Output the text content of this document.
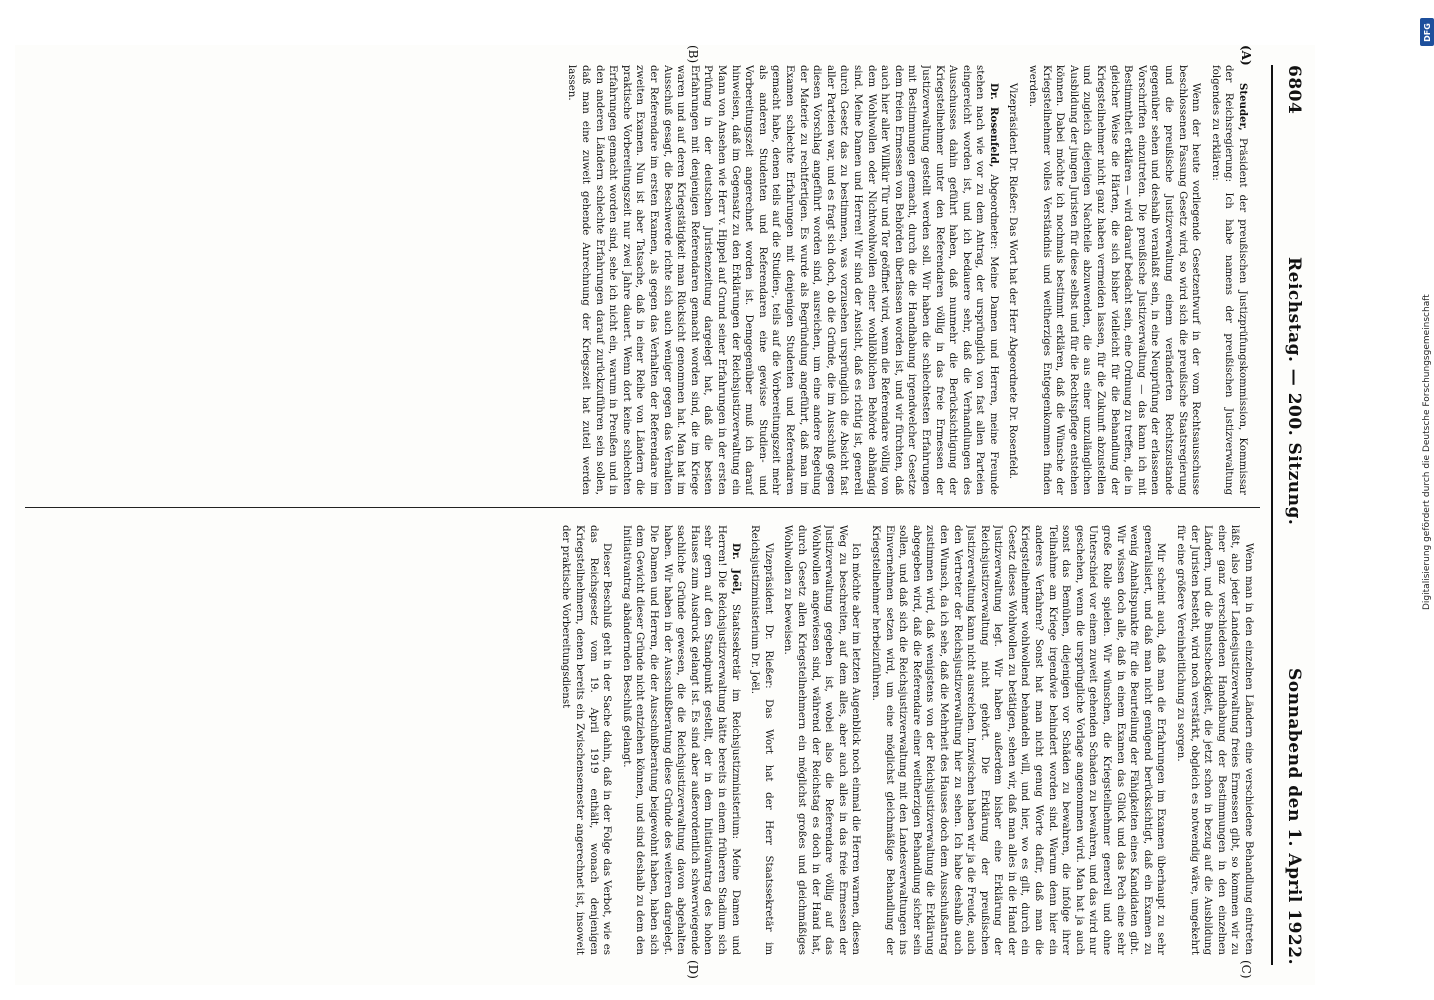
6804
Reichstag. — 200. Sitzung.
Sonnabend den 1. April 1922.
(A)
(B)
(C)
(D)

Steuder, Präsident der preußischen Justizprüfungskommission, Kommissar der Reichsregierung: Ich habe namens der preußischen Justizverwaltung folgendes zu erklären:

Wenn der heute vorliegende Gesetzentwurf in der vom Rechtsausschusse beschlossenen Fassung Gesetz wird, so wird sich die preußische Staatsregierung und die preußische Justizverwaltung einem veränderten Rechtszustande gegenüber sehen und deshalb veranlaßt sein, in eine Neuprüfung der erlassenen Vorschriften einzutreten. Die preußische Justizverwaltung — das kann ich mit Bestimmtheit erklären — wird darauf bedacht sein, eine Ordnung zu treffen, die in gleicher Weise die Härten, die sich bisher vielleicht für die Behandlung der Kriegsteilnehmer nicht ganz haben vermeiden lassen, für die Zukunft abzustellen und zugleich diejenigen Nachteile abzuwenden, die aus einer unzulänglichen Ausbildung der jungen Juristen für diese selbst und für die Rechtspflege entstehen können. Dabei möchte ich nochmals bestimmt erklären, daß die Wünsche der Kriegsteilnehmer volles Verständnis und weitherziges Entgegenkommen finden werden.

Vizepräsident Dr. Rießer: Das Wort hat der Herr Abgeordnete Dr. Rosenfeld.

Dr. Rosenfeld, Abgeordneter: Meine Damen und Herren, meine Freunde stehen nach wie vor zu dem Antrag, der ursprünglich von fast allen Parteien eingereicht worden ist, und ich bedauere sehr, daß die Verhandlungen des Ausschusses dahin geführt haben, daß nunmehr die Berücksichtigung der Kriegsteilnehmer unter den Referendaren völlig in das freie Ermessen der Justizverwaltung gestellt werden soll. Wir haben die schlechtesten Erfahrungen mit Bestimmungen gemacht, durch die die Handhabung irgendwelcher Gesetze dem freien Ermessen von Behörden überlassen worden ist, und wir fürchten, daß auch hier aller Willkür Tür und Tor geöffnet wird, wenn die Referendare völlig von dem Wohlwollen oder Nichtwohlwollen einer wohllöblichen Behörde abhängig sind. Meine Damen und Herren! Wir sind der Ansicht, daß es richtig ist, generell durch Gesetz das zu bestimmen, was vorzusehen ursprünglich die Absicht fast aller Parteien war, und es fragt sich doch, ob die Gründe, die im Ausschuß gegen diesen Vorschlag angeführt worden sind, ausreichen, um eine andere Regelung der Materie zu rechtfertigen. Es wurde als Begründung angeführt, daß man im Examen schlechte Erfahrungen mit denjenigen Studenten und Referendaren gemacht habe, denen teils auf die Studien-, teils auf die Vorbereitungszeit mehr als anderen Studenten und Referendaren eine gewisse Studien- und Vorbereitungszeit angerechnet worden ist. Demgegenüber muß ich darauf hinweisen, daß im Gegensatz zu den Erklärungen der Reichsjustizverwaltung ein Mann von Ansehen wie Herr v. Hippel auf Grund seiner Erfahrungen in der ersten Prüfung in der deutschen Juristenzeitung dargelegt hat, daß die besten Erfahrungen mit denjenigen Referendaren gemacht worden sind, die im Kriege waren und auf deren Kriegstätigkeit man Rücksicht genommen hat. Man hat im Ausschuß gesagt, die Beschwerde richte sich auch weniger gegen das Verhalten der Referendare im ersten Examen, als gegen das Verhalten der Referendare im zweiten Examen. Nun ist aber Tatsache, daß in einer Reihe von Ländern die praktische Vorbereitungszeit nur zwei Jahre dauert. Wenn dort keine schlechten Erfahrungen gemacht worden sind, sehe ich nicht ein, warum in Preußen und in den anderen Ländern schlechte Erfahrungen darauf zurückzuführen sein sollen, daß man eine zuweit gehende Anrechnung der Kriegszeit hat zuteil werden lassen.

Wenn man in den einzelnen Ländern eine verschiedene Behandlung eintreten läßt, also jeder Landesjustizverwaltung freies Ermessen gibt, so kommen wir zu einer ganz verschiedenen Handhabung der Bestimmungen in den einzelnen Ländern, und die Buntscheckigkeit, die jetzt schon in bezug auf die Ausbildung der Juristen besteht, wird noch verstärkt, obgleich es notwendig wäre, umgekehrt für eine größere Vereinheitlichung zu sorgen.

Mir scheint auch, daß man die Erfahrungen im Examen überhaupt zu sehr generalisiert, und daß man nicht genügend berücksichtigt, daß ein Examen zu wenig Anhaltspunkte für die Beurteilung der Fähigkeiten eines Kandidaten gibt. Wir wissen doch alle, daß in einem Examen das Glück und das Pech eine sehr große Rolle spielen. Wir wünschen, die Kriegsteilnehmer generell und ohne Unterschied vor einem zuweit gehenden Schaden zu bewahren, und das wird nur geschehen, wenn die ursprüngliche Vorlage angenommen wird. Man hat ja auch sonst das Bemühen, diejenigen vor Schäden zu bewahren, die infolge ihrer Teilnahme am Kriege irgendwie behindert worden sind. Warum denn hier ein anderes Verfahren? Sonst hat man nicht genug Worte dafür, daß man die Kriegsteilnehmer wohlwollend behandeln will, und hier, wo es gilt, durch ein Gesetz dieses Wohlwollen zu betätigen, sehen wir, daß man alles in die Hand der Justizverwaltung legt. Wir haben außerdem bisher eine Erklärung der Reichsjustizverwaltung nicht gehört. Die Erklärung der preußischen Justizverwaltung kann nicht ausreichen. Inzwischen haben wir ja die Freude, auch den Vertreter der Reichsjustizverwaltung hier zu sehen. Ich habe deshalb auch den Wunsch, da ich sehe, daß die Mehrheit des Hauses doch dem Ausschußantrag zustimmen wird, daß wenigstens von der Reichsjustizverwaltung die Erklärung abgegeben wird, daß die Referendare einer weitherzigen Behandlung sicher sein sollen, und daß sich die Reichsjustizverwaltung mit den Landesverwaltungen ins Einvernehmen setzen wird, um eine möglichst gleichmäßige Behandlung der Kriegsteilnehmer herbeizuführen.

Ich möchte aber im letzten Augenblick noch einmal die Herren warnen, diesen Weg zu beschreiten, auf dem alles, aber auch alles in das freie Ermessen der Justizverwaltung gegeben ist, wobei also die Referendare völlig auf das Wohlwollen angewiesen sind, während der Reichstag es doch in der Hand hat, durch Gesetz allen Kriegsteilnehmern ein möglichst großes und gleichmäßiges Wohlwollen zu beweisen.

Vizepräsident Dr. Rießer: Das Wort hat der Herr Staatssekretär im Reichsjustizministerium Dr. Joël.

Dr. Joël, Staatssekretär im Reichsjustizministerium: Meine Damen und Herren! Die Reichsjustizverwaltung hätte bereits in einem früheren Stadium sich sehr gern auf den Standpunkt gestellt, der in dem Initiativantrag des hohen Hauses zum Ausdruck gelangt ist. Es sind aber außerordentlich schwerwiegende sachliche Gründe gewesen, die die Reichsjustizverwaltung davon abgehalten haben. Wir haben in der Ausschußberatung diese Gründe des weiteren dargelegt. Die Damen und Herren, die der Ausschußberatung beigewohnt haben, haben sich dem Gewicht dieser Gründe nicht entziehen können, und sind deshalb zu dem den Initiativantrag abändernden Beschluß gelangt.

Dieser Beschluß geht in der Sache dahin, daß in der Folge das Verbot, wie es das Reichsgesetz vom 19. April 1919 enthält, wonach denjenigen Kriegsteilnehmern, denen bereits ein Zwischensemester angerechnet ist, insoweit der praktische Vorbereitungsdienst

DFG
Digitalisierung gefördert durch die Deutsche Forschungsgemeinschaft
